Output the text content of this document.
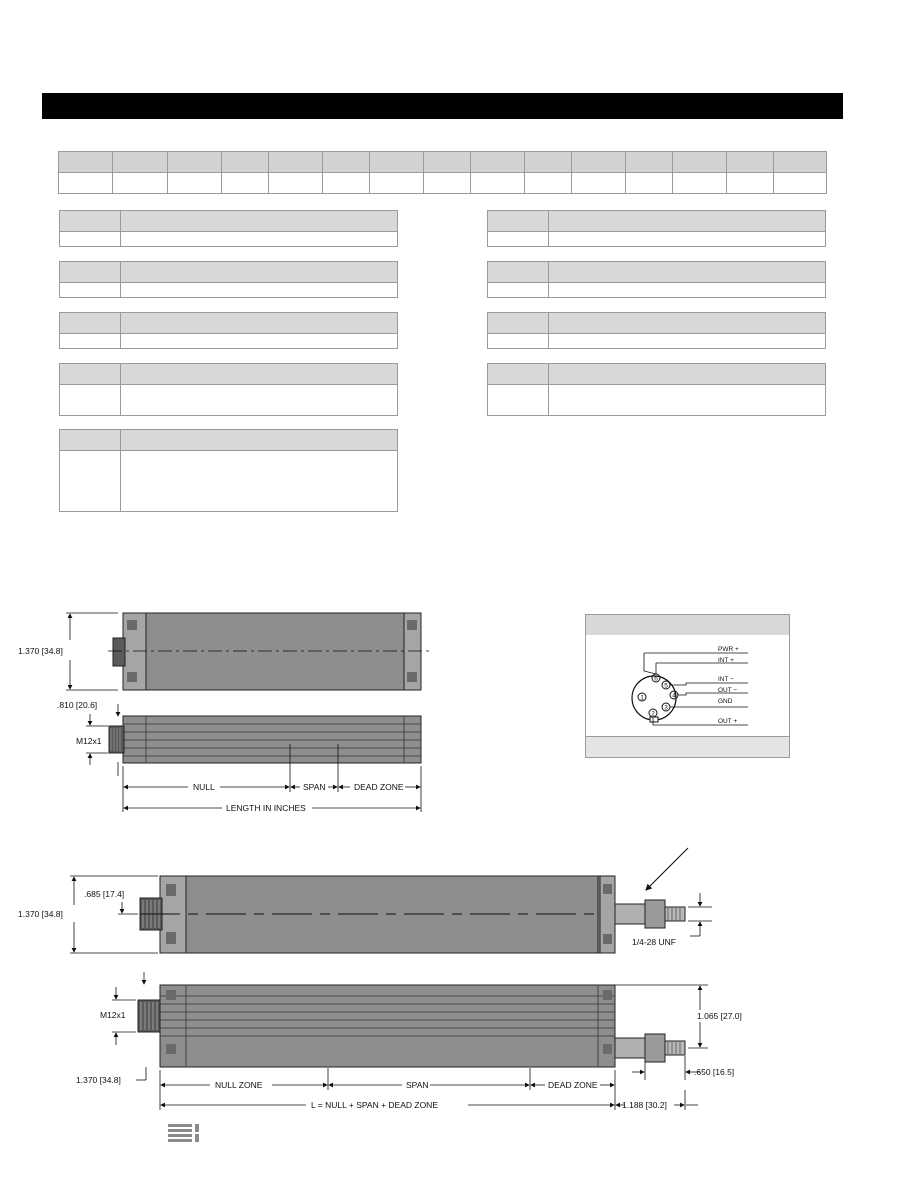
6
5
4
3
2
1
PWR +
INT +
INT −
OUT −
GND
OUT +
1.370 [34.8]
.810 [20.6]
M12x1
NULL	SPAN	DEAD ZONE
LENGTH IN INCHES
.685 [17.4]
1.370 [34.8]
1/4-28 UNF
M12x1	1.065 [27.0]
.650 [16.5]
1.370 [34.8]	NULL ZONE	SPAN	DEAD ZONE
L = NULL + SPAN + DEAD ZONE	1.188 [30.2]
